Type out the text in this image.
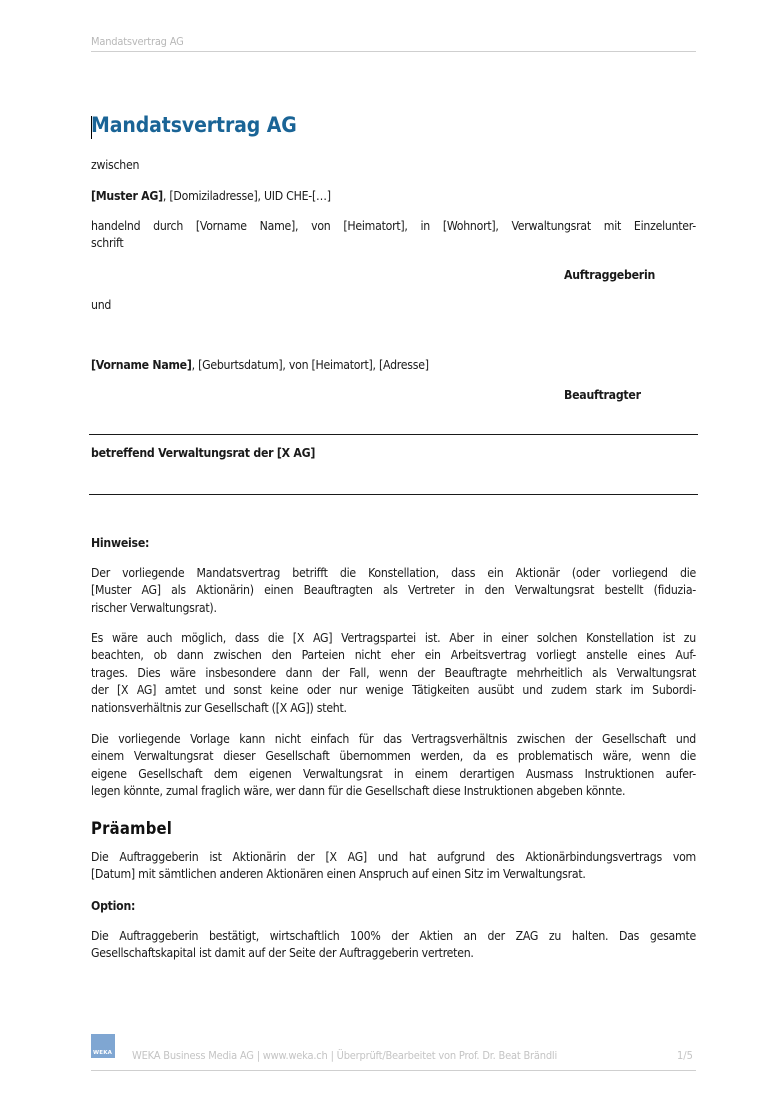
Mandatsvertrag AG
Mandatsvertrag AG
zwischen
[Muster AG], [Domiziladresse], UID CHE-[…]
handelnd durch [Vorname Name], von [Heimatort], in [Wohnort], Verwaltungsrat mit Einzelunter-
schrift
Auftraggeberin
und
[Vorname Name], [Geburtsdatum], von [Heimatort], [Adresse]
Beauftragter
betreffend Verwaltungsrat der [X AG]
Hinweise:
Der vorliegende Mandatsvertrag betrifft die Konstellation, dass ein Aktionär (oder vorliegend die
[Muster AG] als Aktionärin) einen Beauftragten als Vertreter in den Verwaltungsrat bestellt (fiduzia-
rischer Verwaltungsrat).
Es wäre auch möglich, dass die [X AG] Vertragspartei ist. Aber in einer solchen Konstellation ist zu
beachten, ob dann zwischen den Parteien nicht eher ein Arbeitsvertrag vorliegt anstelle eines Auf-
trages. Dies wäre insbesondere dann der Fall, wenn der Beauftragte mehrheitlich als Verwaltungsrat
der [X AG] amtet und sonst keine oder nur wenige Tätigkeiten ausübt und zudem stark im Subordi-
nationsverhältnis zur Gesellschaft ([X AG]) steht.
Die vorliegende Vorlage kann nicht einfach für das Vertragsverhältnis zwischen der Gesellschaft und
einem Verwaltungsrat dieser Gesellschaft übernommen werden, da es problematisch wäre, wenn die
eigene Gesellschaft dem eigenen Verwaltungsrat in einem derartigen Ausmass Instruktionen aufer-
legen könnte, zumal fraglich wäre, wer dann für die Gesellschaft diese Instruktionen abgeben könnte.
Präambel
Die Auftraggeberin ist Aktionärin der [X AG] und hat aufgrund des Aktionärbindungsvertrags vom
[Datum] mit sämtlichen anderen Aktionären einen Anspruch auf einen Sitz im Verwaltungsrat.
Option:
Die Auftraggeberin bestätigt, wirtschaftlich 100% der Aktien an der ZAG zu halten. Das gesamte
Gesellschaftskapital ist damit auf der Seite der Auftraggeberin vertreten.
WEKA WEKA Business Media AG | www.weka.ch | Überprüft/Bearbeitet von Prof. Dr. Beat Brändli	1/5
